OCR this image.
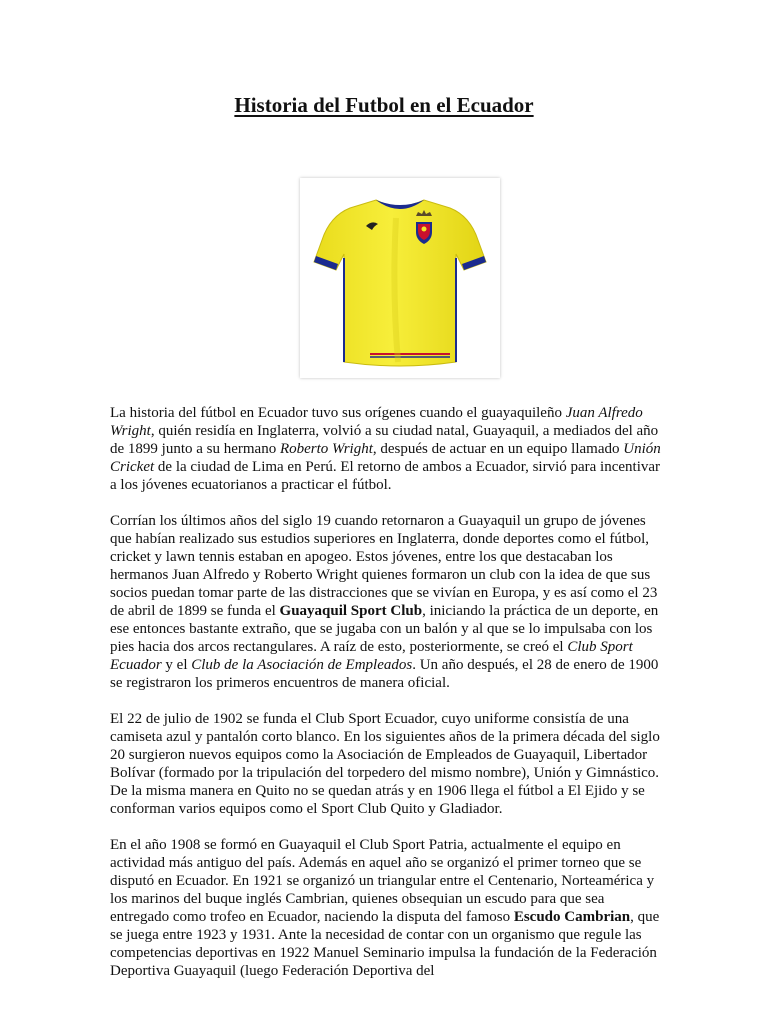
Historia del Futbol en el Ecuador

La historia del fútbol en Ecuador tuvo sus orígenes cuando el guayaquileño Juan Alfredo Wright, quién residía en Inglaterra, volvió a su ciudad natal, Guayaquil, a mediados del año de 1899 junto a su hermano Roberto Wright, después de actuar en un equipo llamado Unión Cricket de la ciudad de Lima en Perú. El retorno de ambos a Ecuador, sirvió para incentivar a los jóvenes ecuatorianos a practicar el fútbol.

Corrían los últimos años del siglo 19 cuando retornaron a Guayaquil un grupo de jóvenes que habían realizado sus estudios superiores en Inglaterra, donde deportes como el fútbol, cricket y lawn tennis estaban en apogeo. Estos jóvenes, entre los que destacaban los hermanos Juan Alfredo y Roberto Wright quienes formaron un club con la idea de que sus socios puedan tomar parte de las distracciones que se vivían en Europa, y es así como el 23 de abril de 1899 se funda el Guayaquil Sport Club, iniciando la práctica de un deporte, en ese entonces bastante extraño, que se jugaba con un balón y al que se lo impulsaba con los pies hacia dos arcos rectangulares. A raíz de esto, posteriormente, se creó el Club Sport Ecuador y el Club de la Asociación de Empleados. Un año después, el 28 de enero de 1900 se registraron los primeros encuentros de manera oficial.

El 22 de julio de 1902 se funda el Club Sport Ecuador, cuyo uniforme consistía de una camiseta azul y pantalón corto blanco. En los siguientes años de la primera década del siglo 20 surgieron nuevos equipos como la Asociación de Empleados de Guayaquil, Libertador Bolívar (formado por la tripulación del torpedero del mismo nombre), Unión y Gimnástico. De la misma manera en Quito no se quedan atrás y en 1906 llega el fútbol a El Ejido y se conforman varios equipos como el Sport Club Quito y Gladiador.

En el año 1908 se formó en Guayaquil el Club Sport Patria, actualmente el equipo en actividad más antiguo del país. Además en aquel año se organizó el primer torneo que se disputó en Ecuador. En 1921 se organizó un triangular entre el Centenario, Norteamérica y los marinos del buque inglés Cambrian, quienes obsequian un escudo para que sea entregado como trofeo en Ecuador, naciendo la disputa del famoso Escudo Cambrian, que se juega entre 1923 y 1931. Ante la necesidad de contar con un organismo que regule las competencias deportivas en 1922 Manuel Seminario impulsa la fundación de la Federación Deportiva Guayaquil (luego Federación Deportiva del
